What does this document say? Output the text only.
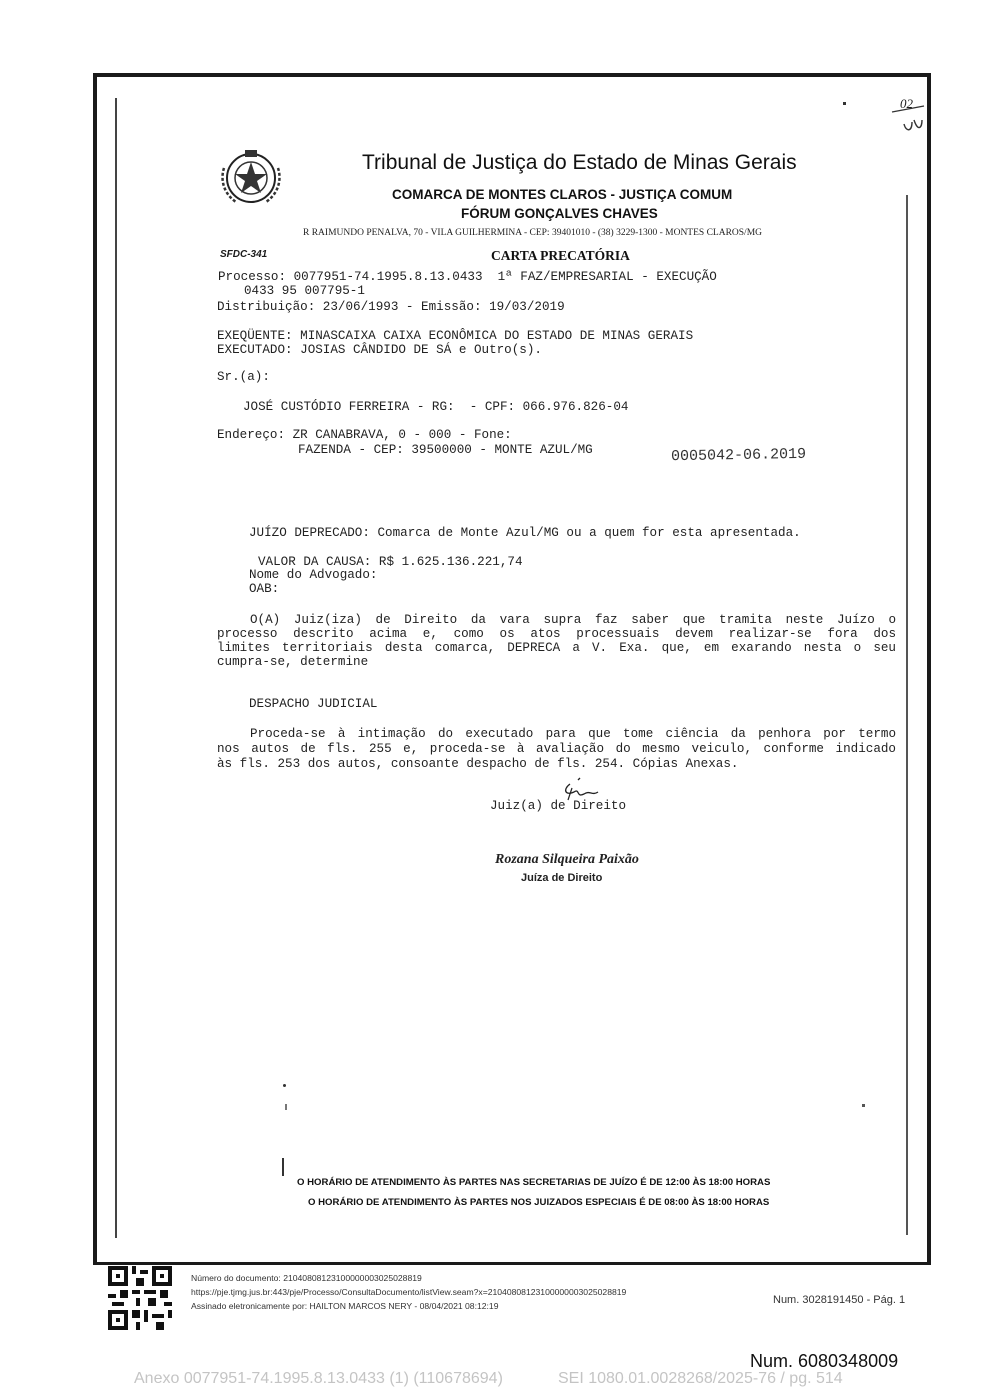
02
Tribunal de Justiça do Estado de Minas Gerais
COMARCA DE MONTES CLAROS - JUSTIÇA COMUM
FÓRUM GONÇALVES CHAVES
R RAIMUNDO PENALVA, 70 - VILA GUILHERMINA - CEP: 39401010 - (38) 3229-1300 - MONTES CLAROS/MG
SFDC-341	CARTA PRECATÓRIA
Processo: 0077951-74.1995.8.13.0433  1ª FAZ/EMPRESARIAL - EXECUÇÃO
0433 95 007795-1
Distribuição: 23/06/1993 - Emissão: 19/03/2019
EXEQÜENTE: MINASCAIXA CAIXA ECONÔMICA DO ESTADO DE MINAS GERAIS
EXECUTADO: JOSIAS CÂNDIDO DE SÁ e Outro(s).
Sr.(a):
JOSÉ CUSTÓDIO FERREIRA - RG:  - CPF: 066.976.826-04
Endereço: ZR CANABRAVA, 0 - 000 - Fone:
FAZENDA - CEP: 39500000 - MONTE AZUL/MG	0005042-06.2019
JUÍZO DEPRECADO: Comarca de Monte Azul/MG ou a quem for esta apresentada.
VALOR DA CAUSA: R$ 1.625.136.221,74
Nome do Advogado:
OAB:
O(A) Juiz(iza) de Direito da vara supra faz saber que tramita neste Juízo o
processo descrito acima e, como os atos processuais devem realizar-se fora dos
limites territoriais desta comarca, DEPRECA a V. Exa. que, em exarando nesta o seu
cumpra-se, determine
DESPACHO JUDICIAL
Proceda-se à intimação do executado para que tome ciência da penhora por termo
nos autos de fls. 255 e, proceda-se à avaliação do mesmo veiculo, conforme indicado
às fls. 253 dos autos, consoante despacho de fls. 254. Cópias Anexas.
Juiz(a) de Direito
Rozana Silqueira Paixão
Juíza de Direito
O HORÁRIO DE ATENDIMENTO ÀS PARTES NAS SECRETARIAS DE JUÍZO É DE 12:00 ÀS 18:00 HORAS
O HORÁRIO DE ATENDIMENTO ÀS PARTES NOS JUIZADOS ESPECIAIS É DE 08:00 ÀS 18:00 HORAS
Número do documento: 21040808123100000003025028819
https://pje.tjmg.jus.br:443/pje/Processo/ConsultaDocumento/listView.seam?x=21040808123100000003025028819
Assinado eletronicamente por: HAILTON MARCOS NERY - 08/04/2021 08:12:19	Num. 3028191450 - Pág. 1
Num. 6080348009
Anexo 0077951-74.1995.8.13.0433 (1) (110678694)	SEI 1080.01.0028268/2025-76 / pg. 514
